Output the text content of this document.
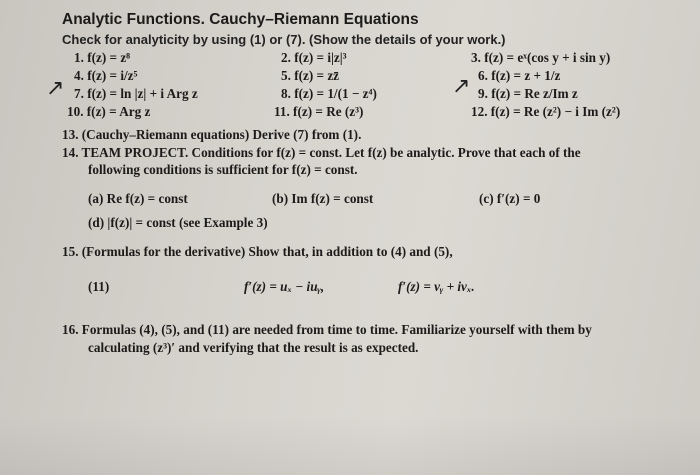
Analytic Functions. Cauchy–Riemann Equations
Check for analyticity by using (1) or (7). (Show the details of your work.)
1. f(z) = z⁸	2. f(z) = i|z|³	3. f(z) = eˣ(cos y + i sin y)
↗
4. f(z) = i/z⁵	5. f(z) = zz̄	↗ 6. f(z) = z + 1/z
7. f(z) = ln |z| + i Arg z	8. f(z) = 1/(1 − z⁴)	9. f(z) = Re z/Im z
10. f(z) = Arg z	11. f(z) = Re (z³)	12. f(z) = Re (z²) − i Im (z²)
13. (Cauchy–Riemann equations) Derive (7) from (1).
14. TEAM PROJECT. Conditions for f(z) = const. Let f(z) be analytic. Prove that each of the
following conditions is sufficient for f(z) = const.
(a) Re f(z) = const	(b) Im f(z) = const	(c) f′(z) = 0
(d) |f(z)| = const (see Example 3)
15. (Formulas for the derivative) Show that, in addition to (4) and (5),
(11)	f′(z) = uₓ − iuᵧ,	f′(z) = vᵧ + ivₓ.
16. Formulas (4), (5), and (11) are needed from time to time. Familiarize yourself with them by
calculating (z³)′ and verifying that the result is as expected.
